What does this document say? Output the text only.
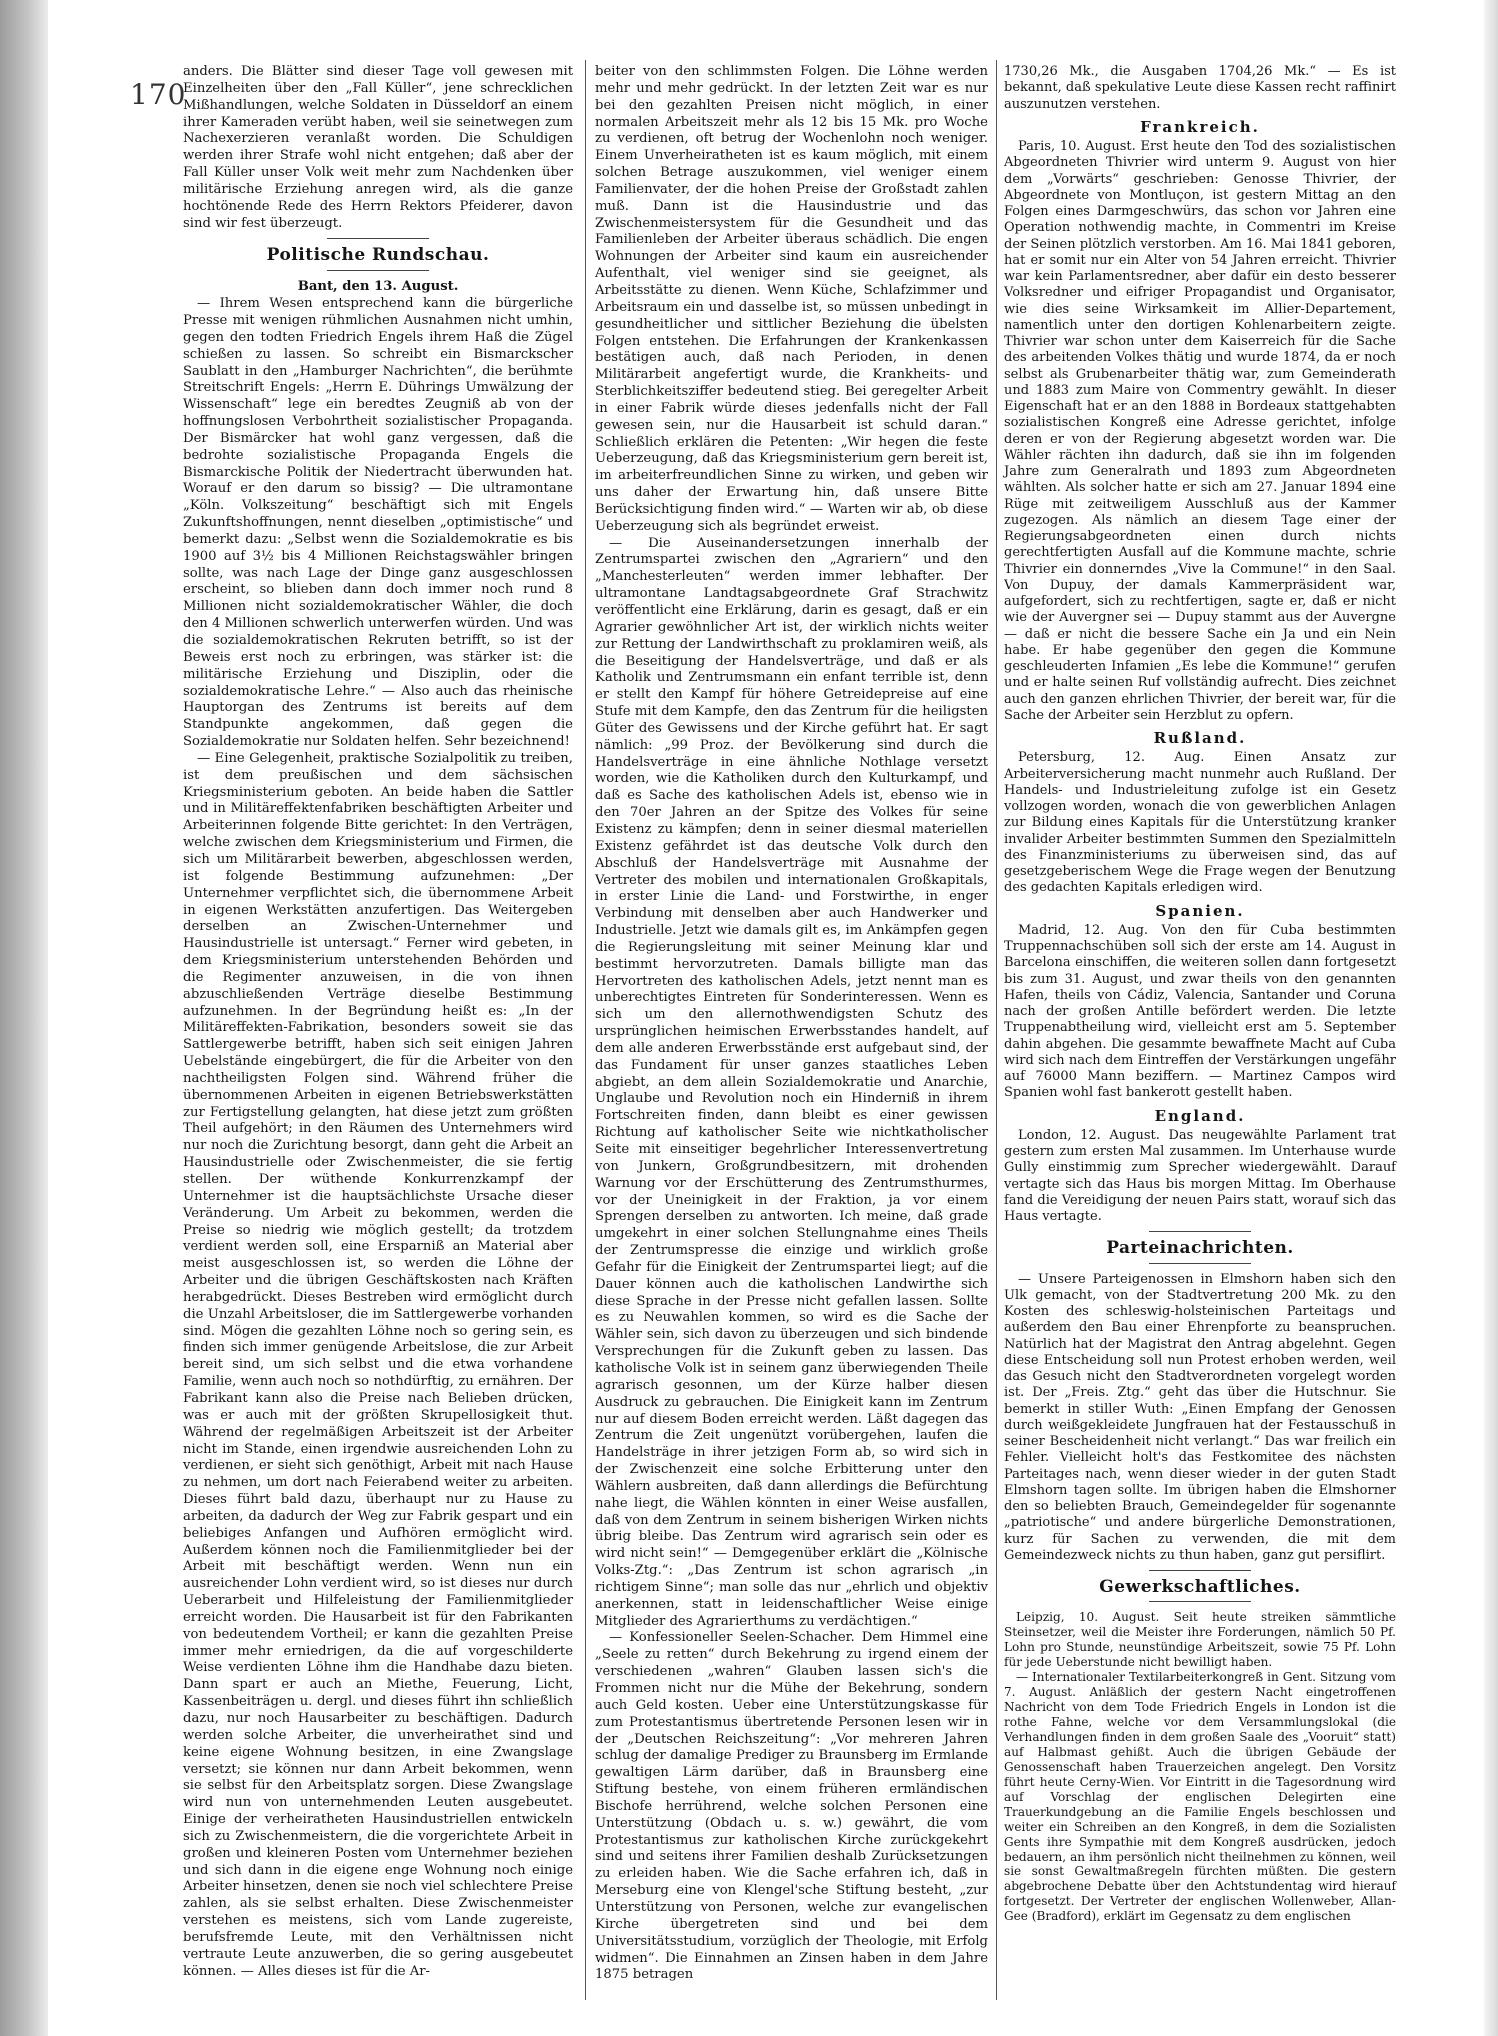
170

anders. Die Blätter sind dieser Tage voll gewesen mit Einzelheiten über den „Fall Küller“, jene schrecklichen Mißhandlungen, welche Soldaten in Düsseldorf an einem ihrer Kameraden verübt haben, weil sie seinetwegen zum Nachexerzieren veranlaßt worden. Die Schuldigen werden ihrer Strafe wohl nicht entgehen; daß aber der Fall Küller unser Volk weit mehr zum Nachdenken über militärische Erziehung anregen wird, als die ganze hochtönende Rede des Herrn Rektors Pfeiderer, davon sind wir fest überzeugt.

Politische Rundschau.

Bant, den 13. August.

— Ihrem Wesen entsprechend kann die bürgerliche Presse mit wenigen rühmlichen Ausnahmen nicht umhin, gegen den todten Friedrich Engels ihrem Haß die Zügel schießen zu lassen. So schreibt ein Bismarckscher Saublatt in den „Hamburger Nachrichten“, die berühmte Streitschrift Engels: „Herrn E. Dührings Umwälzung der Wissenschaft“ lege ein beredtes Zeugniß ab von der hoffnungslosen Verbohrtheit sozialistischer Propaganda. Der Bismärcker hat wohl ganz vergessen, daß die bedrohte sozialistische Propaganda Engels die Bismarckische Politik der Niedertracht überwunden hat. Worauf er den darum so bissig? — Die ultramontane „Köln. Volkszeitung“ beschäftigt sich mit Engels Zukunftshoffnungen, nennt dieselben „optimistische“ und bemerkt dazu: „Selbst wenn die Sozialdemokratie es bis 1900 auf 3½ bis 4 Millionen Reichstagswähler bringen sollte, was nach Lage der Dinge ganz ausgeschlossen erscheint, so blieben dann doch immer noch rund 8 Millionen nicht sozialdemokratischer Wähler, die doch den 4 Millionen schwerlich unterwerfen würden. Und was die sozialdemokratischen Rekruten betrifft, so ist der Beweis erst noch zu erbringen, was stärker ist: die militärische Erziehung und Disziplin, oder die sozialdemokratische Lehre.“ — Also auch das rheinische Hauptorgan des Zentrums ist bereits auf dem Standpunkte angekommen, daß gegen die Sozialdemokratie nur Soldaten helfen. Sehr bezeichnend!

— Eine Gelegenheit, praktische Sozialpolitik zu treiben, ist dem preußischen und dem sächsischen Kriegsministerium geboten. An beide haben die Sattler und in Militäreffektenfabriken beschäftigten Arbeiter und Arbeiterinnen folgende Bitte gerichtet: In den Verträgen, welche zwischen dem Kriegsministerium und Firmen, die sich um Militärarbeit bewerben, abgeschlossen werden, ist folgende Bestimmung aufzunehmen: „Der Unternehmer verpflichtet sich, die übernommene Arbeit in eigenen Werkstätten anzufertigen. Das Weitergeben derselben an Zwischen-Unternehmer und Hausindustrielle ist untersagt.“ Ferner wird gebeten, in dem Kriegsministerium unterstehenden Behörden und die Regimenter anzuweisen, in die von ihnen abzuschließenden Verträge dieselbe Bestimmung aufzunehmen. In der Begründung heißt es: „In der Militäreffekten-Fabrikation, besonders soweit sie das Sattlergewerbe betrifft, haben sich seit einigen Jahren Uebelstände eingebürgert, die für die Arbeiter von den nachtheiligsten Folgen sind. Während früher die übernommenen Arbeiten in eigenen Betriebswerkstätten zur Fertigstellung gelangten, hat diese jetzt zum größten Theil aufgehört; in den Räumen des Unternehmers wird nur noch die Zurichtung besorgt, dann geht die Arbeit an Hausindustrielle oder Zwischenmeister, die sie fertig stellen. Der wüthende Konkurrenzkampf der Unternehmer ist die hauptsächlichste Ursache dieser Veränderung. Um Arbeit zu bekommen, werden die Preise so niedrig wie möglich gestellt; da trotzdem verdient werden soll, eine Ersparniß an Material aber meist ausgeschlossen ist, so werden die Löhne der Arbeiter und die übrigen Geschäftskosten nach Kräften herabgedrückt. Dieses Bestreben wird ermöglicht durch die Unzahl Arbeitsloser, die im Sattlergewerbe vorhanden sind. Mögen die gezahlten Löhne noch so gering sein, es finden sich immer genügende Arbeitslose, die zur Arbeit bereit sind, um sich selbst und die etwa vorhandene Familie, wenn auch noch so nothdürftig, zu ernähren. Der Fabrikant kann also die Preise nach Belieben drücken, was er auch mit der größten Skrupellosigkeit thut. Während der regelmäßigen Arbeitszeit ist der Arbeiter nicht im Stande, einen irgendwie ausreichenden Lohn zu verdienen, er sieht sich genöthigt, Arbeit mit nach Hause zu nehmen, um dort nach Feierabend weiter zu arbeiten. Dieses führt bald dazu, überhaupt nur zu Hause zu arbeiten, da dadurch der Weg zur Fabrik gespart und ein beliebiges Anfangen und Aufhören ermöglicht wird. Außerdem können noch die Familienmitglieder bei der Arbeit mit beschäftigt werden. Wenn nun ein ausreichender Lohn verdient wird, so ist dieses nur durch Ueberarbeit und Hilfeleistung der Familienmitglieder erreicht worden. Die Hausarbeit ist für den Fabrikanten von bedeutendem Vortheil; er kann die gezahlten Preise immer mehr erniedrigen, da die auf vorgeschilderte Weise verdienten Löhne ihm die Handhabe dazu bieten. Dann spart er auch an Miethe, Feuerung, Licht, Kassenbeiträgen u. dergl. und dieses führt ihn schließlich dazu, nur noch Hausarbeiter zu beschäftigen. Dadurch werden solche Arbeiter, die unverheirathet sind und keine eigene Wohnung besitzen, in eine Zwangslage versetzt; sie können nur dann Arbeit bekommen, wenn sie selbst für den Arbeitsplatz sorgen. Diese Zwangslage wird nun von unternehmenden Leuten ausgebeutet. Einige der verheiratheten Hausindustriellen entwickeln sich zu Zwischenmeistern, die die vorgerichtete Arbeit in großen und kleineren Posten vom Unternehmer beziehen und sich dann in die eigene enge Wohnung noch einige Arbeiter hinsetzen, denen sie noch viel schlechtere Preise zahlen, als sie selbst erhalten. Diese Zwischenmeister verstehen es meistens, sich vom Lande zugereiste, berufsfremde Leute, mit den Verhältnissen nicht vertraute Leute anzuwerben, die so gering ausgebeutet können. — Alles dieses ist für die Ar-

beiter von den schlimmsten Folgen. Die Löhne werden mehr und mehr gedrückt. In der letzten Zeit war es nur bei den gezahlten Preisen nicht möglich, in einer normalen Arbeitszeit mehr als 12 bis 15 Mk. pro Woche zu verdienen, oft betrug der Wochenlohn noch weniger. Einem Unverheiratheten ist es kaum möglich, mit einem solchen Betrage auszukommen, viel weniger einem Familienvater, der die hohen Preise der Großstadt zahlen muß. Dann ist die Hausindustrie und das Zwischenmeistersystem für die Gesundheit und das Familienleben der Arbeiter überaus schädlich. Die engen Wohnungen der Arbeiter sind kaum ein ausreichender Aufenthalt, viel weniger sind sie geeignet, als Arbeitsstätte zu dienen. Wenn Küche, Schlafzimmer und Arbeitsraum ein und dasselbe ist, so müssen unbedingt in gesundheitlicher und sittlicher Beziehung die übelsten Folgen entstehen. Die Erfahrungen der Krankenkassen bestätigen auch, daß nach Perioden, in denen Militärarbeit angefertigt wurde, die Krankheits- und Sterblichkeitsziffer bedeutend stieg. Bei geregelter Arbeit in einer Fabrik würde dieses jedenfalls nicht der Fall gewesen sein, nur die Hausarbeit ist schuld daran.“ Schließlich erklären die Petenten: „Wir hegen die feste Ueberzeugung, daß das Kriegsministerium gern bereit ist, im arbeiterfreundlichen Sinne zu wirken, und geben wir uns daher der Erwartung hin, daß unsere Bitte Berücksichtigung finden wird.“ — Warten wir ab, ob diese Ueberzeugung sich als begründet erweist.

— Die Auseinandersetzungen innerhalb der Zentrumspartei zwischen den „Agrariern“ und den „Manchesterleuten“ werden immer lebhafter. Der ultramontane Landtagsabgeordnete Graf Strachwitz veröffentlicht eine Erklärung, darin es gesagt, daß er ein Agrarier gewöhnlicher Art ist, der wirklich nichts weiter zur Rettung der Landwirthschaft zu proklamiren weiß, als die Beseitigung der Handelsverträge, und daß er als Katholik und Zentrumsmann ein enfant terrible ist, denn er stellt den Kampf für höhere Getreidepreise auf eine Stufe mit dem Kampfe, den das Zentrum für die heiligsten Güter des Gewissens und der Kirche geführt hat. Er sagt nämlich: „99 Proz. der Bevölkerung sind durch die Handelsverträge in eine ähnliche Nothlage versetzt worden, wie die Katholiken durch den Kulturkampf, und daß es Sache des katholischen Adels ist, ebenso wie in den 70er Jahren an der Spitze des Volkes für seine Existenz zu kämpfen; denn in seiner diesmal materiellen Existenz gefährdet ist das deutsche Volk durch den Abschluß der Handelsverträge mit Ausnahme der Vertreter des mobilen und internationalen Großkapitals, in erster Linie die Land- und Forstwirthe, in enger Verbindung mit denselben aber auch Handwerker und Industrielle. Jetzt wie damals gilt es, im Ankämpfen gegen die Regierungsleitung mit seiner Meinung klar und bestimmt hervorzutreten. Damals billigte man das Hervortreten des katholischen Adels, jetzt nennt man es unberechtigtes Eintreten für Sonderinteressen. Wenn es sich um den allernothwendigsten Schutz des ursprünglichen heimischen Erwerbsstandes handelt, auf dem alle anderen Erwerbsstände erst aufgebaut sind, der das Fundament für unser ganzes staatliches Leben abgiebt, an dem allein Sozialdemokratie und Anarchie, Unglaube und Revolution noch ein Hinderniß in ihrem Fortschreiten finden, dann bleibt es einer gewissen Richtung auf katholischer Seite wie nichtkatholischer Seite mit einseitiger begehrlicher Interessenvertretung von Junkern, Großgrundbesitzern, mit drohenden Warnung vor der Erschütterung des Zentrumsthurmes, vor der Uneinigkeit in der Fraktion, ja vor einem Sprengen derselben zu antworten. Ich meine, daß grade umgekehrt in einer solchen Stellungnahme eines Theils der Zentrumspresse die einzige und wirklich große Gefahr für die Einigkeit der Zentrumspartei liegt; auf die Dauer können auch die katholischen Landwirthe sich diese Sprache in der Presse nicht gefallen lassen. Sollte es zu Neuwahlen kommen, so wird es die Sache der Wähler sein, sich davon zu überzeugen und sich bindende Versprechungen für die Zukunft geben zu lassen. Das katholische Volk ist in seinem ganz überwiegenden Theile agrarisch gesonnen, um der Kürze halber diesen Ausdruck zu gebrauchen. Die Einigkeit kann im Zentrum nur auf diesem Boden erreicht werden. Läßt dagegen das Zentrum die Zeit ungenützt vorübergehen, laufen die Handelsträge in ihrer jetzigen Form ab, so wird sich in der Zwischenzeit eine solche Erbitterung unter den Wählern ausbreiten, daß dann allerdings die Befürchtung nahe liegt, die Wählen könnten in einer Weise ausfallen, daß von dem Zentrum in seinem bisherigen Wirken nichts übrig bleibe. Das Zentrum wird agrarisch sein oder es wird nicht sein!“ — Demgegenüber erklärt die „Kölnische Volks-Ztg.“: „Das Zentrum ist schon agrarisch „in richtigem Sinne“; man solle das nur „ehrlich und objektiv anerkennen, statt in leidenschaftlicher Weise einige Mitglieder des Agrarierthums zu verdächtigen.“

— Konfessioneller Seelen-Schacher. Dem Himmel eine „Seele zu retten“ durch Bekehrung zu irgend einem der verschiedenen „wahren“ Glauben lassen sich's die Frommen nicht nur die Mühe der Bekehrung, sondern auch Geld kosten. Ueber eine Unterstützungskasse für zum Protestantismus übertretende Personen lesen wir in der „Deutschen Reichszeitung“: „Vor mehreren Jahren schlug der damalige Prediger zu Braunsberg im Ermlande gewaltigen Lärm darüber, daß in Braunsberg eine Stiftung bestehe, von einem früheren ermländischen Bischofe herrührend, welche solchen Personen eine Unterstützung (Obdach u. s. w.) gewährt, die vom Protestantismus zur katholischen Kirche zurückgekehrt sind und seitens ihrer Familien deshalb Zurücksetzungen zu erleiden haben. Wie die Sache erfahren ich, daß in Merseburg eine von Klengel'sche Stiftung besteht, „zur Unterstützung von Personen, welche zur evangelischen Kirche übergetreten sind und bei dem Universitätsstudium, vorzüglich der Theologie, mit Erfolg widmen“. Die Einnahmen an Zinsen haben in dem Jahre 1875 betragen

1730,26 Mk., die Ausgaben 1704,26 Mk.“ — Es ist bekannt, daß spekulative Leute diese Kassen recht raffinirt auszunutzen verstehen.

Frankreich.

Paris, 10. August. Erst heute den Tod des sozialistischen Abgeordneten Thivrier wird unterm 9. August von hier dem „Vorwärts“ geschrieben: Genosse Thivrier, der Abgeordnete von Montluçon, ist gestern Mittag an den Folgen eines Darmgeschwürs, das schon vor Jahren eine Operation nothwendig machte, in Commentri im Kreise der Seinen plötzlich verstorben. Am 16. Mai 1841 geboren, hat er somit nur ein Alter von 54 Jahren erreicht. Thivrier war kein Parlamentsredner, aber dafür ein desto besserer Volksredner und eifriger Propagandist und Organisator, wie dies seine Wirksamkeit im Allier-Departement, namentlich unter den dortigen Kohlenarbeitern zeigte. Thivrier war schon unter dem Kaiserreich für die Sache des arbeitenden Volkes thätig und wurde 1874, da er noch selbst als Grubenarbeiter thätig war, zum Gemeinderath und 1883 zum Maire von Commentry gewählt. In dieser Eigenschaft hat er an den 1888 in Bordeaux stattgehabten sozialistischen Kongreß eine Adresse gerichtet, infolge deren er von der Regierung abgesetzt worden war. Die Wähler rächten ihn dadurch, daß sie ihn im folgenden Jahre zum Generalrath und 1893 zum Abgeordneten wählten. Als solcher hatte er sich am 27. Januar 1894 eine Rüge mit zeitweiligem Ausschluß aus der Kammer zugezogen. Als nämlich an diesem Tage einer der Regierungsabgeordneten einen durch nichts gerechtfertigten Ausfall auf die Kommune machte, schrie Thivrier ein donnerndes „Vive la Commune!“ in den Saal. Von Dupuy, der damals Kammerpräsident war, aufgefordert, sich zu rechtfertigen, sagte er, daß er nicht wie der Auvergner sei — Dupuy stammt aus der Auvergne — daß er nicht die bessere Sache ein Ja und ein Nein habe. Er habe gegenüber den gegen die Kommune geschleuderten Infamien „Es lebe die Kommune!“ gerufen und er halte seinen Ruf vollständig aufrecht. Dies zeichnet auch den ganzen ehrlichen Thivrier, der bereit war, für die Sache der Arbeiter sein Herzblut zu opfern.

Rußland.

Petersburg, 12. Aug. Einen Ansatz zur Arbeiterversicherung macht nunmehr auch Rußland. Der Handels- und Industrieleitung zufolge ist ein Gesetz vollzogen worden, wonach die von gewerblichen Anlagen zur Bildung eines Kapitals für die Unterstützung kranker invalider Arbeiter bestimmten Summen den Spezialmitteln des Finanzministeriums zu überweisen sind, das auf gesetzgeberischem Wege die Frage wegen der Benutzung des gedachten Kapitals erledigen wird.

Spanien.

Madrid, 12. Aug. Von den für Cuba bestimmten Truppennachschüben soll sich der erste am 14. August in Barcelona einschiffen, die weiteren sollen dann fortgesetzt bis zum 31. August, und zwar theils von den genannten Hafen, theils von Cádiz, Valencia, Santander und Coruna nach der großen Antille befördert werden. Die letzte Truppenabtheilung wird, vielleicht erst am 5. September dahin abgehen. Die gesammte bewaffnete Macht auf Cuba wird sich nach dem Eintreffen der Verstärkungen ungefähr auf 76000 Mann beziffern. — Martinez Campos wird Spanien wohl fast bankerott gestellt haben.

England.

London, 12. August. Das neugewählte Parlament trat gestern zum ersten Mal zusammen. Im Unterhause wurde Gully einstimmig zum Sprecher wiedergewählt. Darauf vertagte sich das Haus bis morgen Mittag. Im Oberhause fand die Vereidigung der neuen Pairs statt, worauf sich das Haus vertagte.

Parteinachrichten.

— Unsere Parteigenossen in Elmshorn haben sich den Ulk gemacht, von der Stadtvertretung 200 Mk. zu den Kosten des schleswig-holsteinischen Parteitags und außerdem den Bau einer Ehrenpforte zu beanspruchen. Natürlich hat der Magistrat den Antrag abgelehnt. Gegen diese Entscheidung soll nun Protest erhoben werden, weil das Gesuch nicht den Stadtverordneten vorgelegt worden ist. Der „Freis. Ztg.“ geht das über die Hutschnur. Sie bemerkt in stiller Wuth: „Einen Empfang der Genossen durch weißgekleidete Jungfrauen hat der Festausschuß in seiner Bescheidenheit nicht verlangt.“ Das war freilich ein Fehler. Vielleicht holt's das Festkomitee des nächsten Parteitages nach, wenn dieser wieder in der guten Stadt Elmshorn tagen sollte. Im übrigen haben die Elmshorner den so beliebten Brauch, Gemeindegelder für sogenannte „patriotische“ und andere bürgerliche Demonstrationen, kurz für Sachen zu verwenden, die mit dem Gemeindezweck nichts zu thun haben, ganz gut persiflirt.

Gewerkschaftliches.

Leipzig, 10. August. Seit heute streiken sämmtliche Steinsetzer, weil die Meister ihre Forderungen, nämlich 50 Pf. Lohn pro Stunde, neunstündige Arbeitszeit, sowie 75 Pf. Lohn für jede Ueberstunde nicht bewilligt haben.

— Internationaler Textilarbeiterkongreß in Gent. Sitzung vom 7. August. Anläßlich der gestern Nacht eingetroffenen Nachricht von dem Tode Friedrich Engels in London ist die rothe Fahne, welche vor dem Versammlungslokal (die Verhandlungen finden in dem großen Saale des „Vooruit“ statt) auf Halbmast gehißt. Auch die übrigen Gebäude der Genossenschaft haben Trauerzeichen angelegt. Den Vorsitz führt heute Cerny-Wien. Vor Eintritt in die Tagesordnung wird auf Vorschlag der englischen Delegirten eine Trauerkundgebung an die Familie Engels beschlossen und weiter ein Schreiben an den Kongreß, in dem die Sozialisten Gents ihre Sympathie mit dem Kongreß ausdrücken, jedoch bedauern, an ihm persönlich nicht theilnehmen zu können, weil sie sonst Gewaltmaßregeln fürchten müßten. Die gestern abgebrochene Debatte über den Achtstundentag wird hierauf fortgesetzt. Der Vertreter der englischen Wollenweber, Allan-Gee (Bradford), erklärt im Gegensatz zu dem englischen
